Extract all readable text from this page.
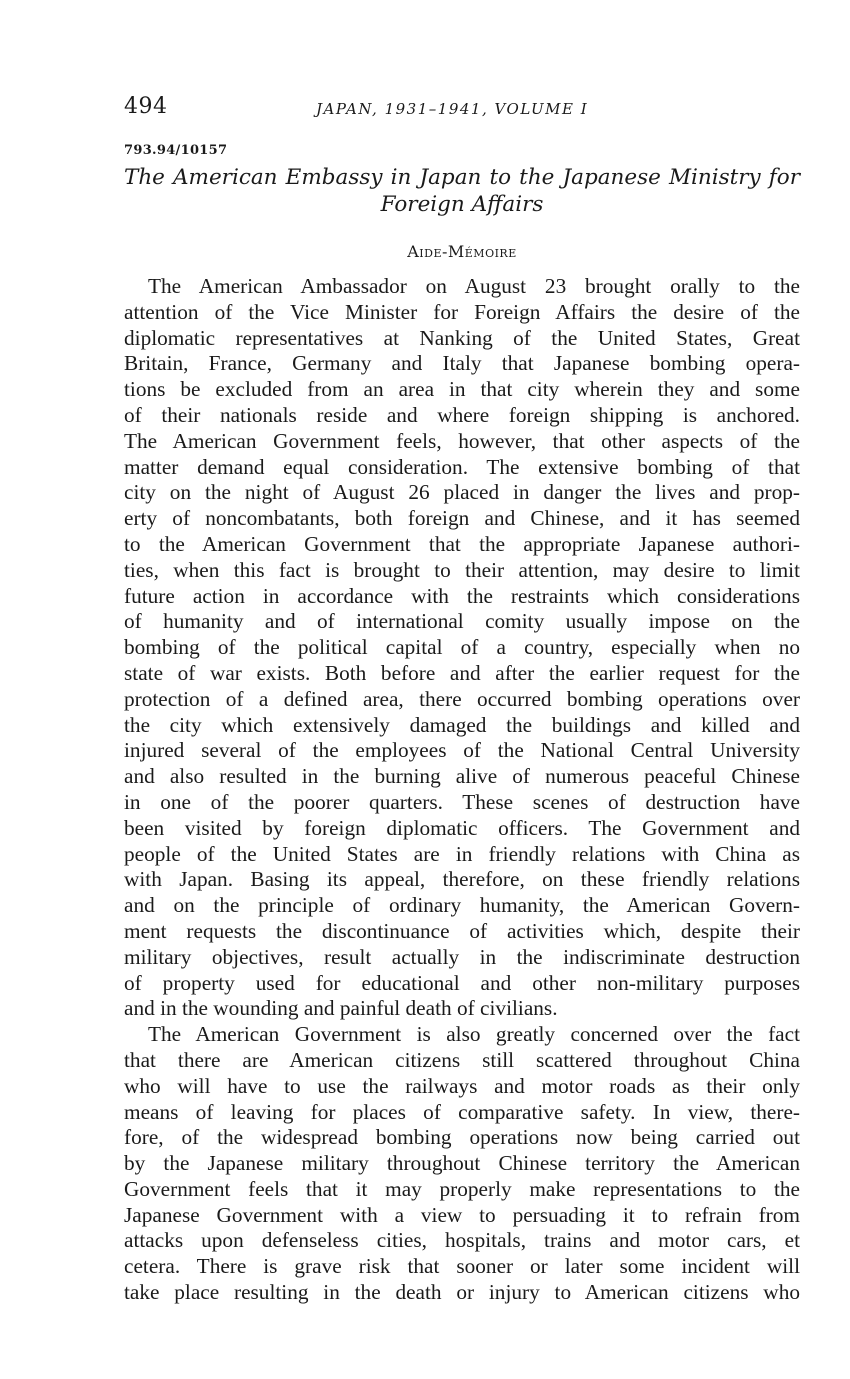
494	JAPAN, 1931–1941, VOLUME I
793.94/10157
The American Embassy in Japan to the Japanese Ministry for
Foreign Affairs
Aide-Mémoire
The American Ambassador on August 23 brought orally to the
attention of the Vice Minister for Foreign Affairs the desire of the
diplomatic representatives at Nanking of the United States, Great
Britain, France, Germany and Italy that Japanese bombing opera-
tions be excluded from an area in that city wherein they and some
of their nationals reside and where foreign shipping is anchored.
The American Government feels, however, that other aspects of the
matter demand equal consideration. The extensive bombing of that
city on the night of August 26 placed in danger the lives and prop-
erty of noncombatants, both foreign and Chinese, and it has seemed
to the American Government that the appropriate Japanese authori-
ties, when this fact is brought to their attention, may desire to limit
future action in accordance with the restraints which considerations
of humanity and of international comity usually impose on the
bombing of the political capital of a country, especially when no
state of war exists. Both before and after the earlier request for the
protection of a defined area, there occurred bombing operations over
the city which extensively damaged the buildings and killed and
injured several of the employees of the National Central University
and also resulted in the burning alive of numerous peaceful Chinese
in one of the poorer quarters. These scenes of destruction have
been visited by foreign diplomatic officers. The Government and
people of the United States are in friendly relations with China as
with Japan. Basing its appeal, therefore, on these friendly relations
and on the principle of ordinary humanity, the American Govern-
ment requests the discontinuance of activities which, despite their
military objectives, result actually in the indiscriminate destruction
of property used for educational and other non-military purposes
and in the wounding and painful death of civilians.
The American Government is also greatly concerned over the fact
that there are American citizens still scattered throughout China
who will have to use the railways and motor roads as their only
means of leaving for places of comparative safety. In view, there-
fore, of the widespread bombing operations now being carried out
by the Japanese military throughout Chinese territory the American
Government feels that it may properly make representations to the
Japanese Government with a view to persuading it to refrain from
attacks upon defenseless cities, hospitals, trains and motor cars, et
cetera. There is grave risk that sooner or later some incident will
take place resulting in the death or injury to American citizens who
